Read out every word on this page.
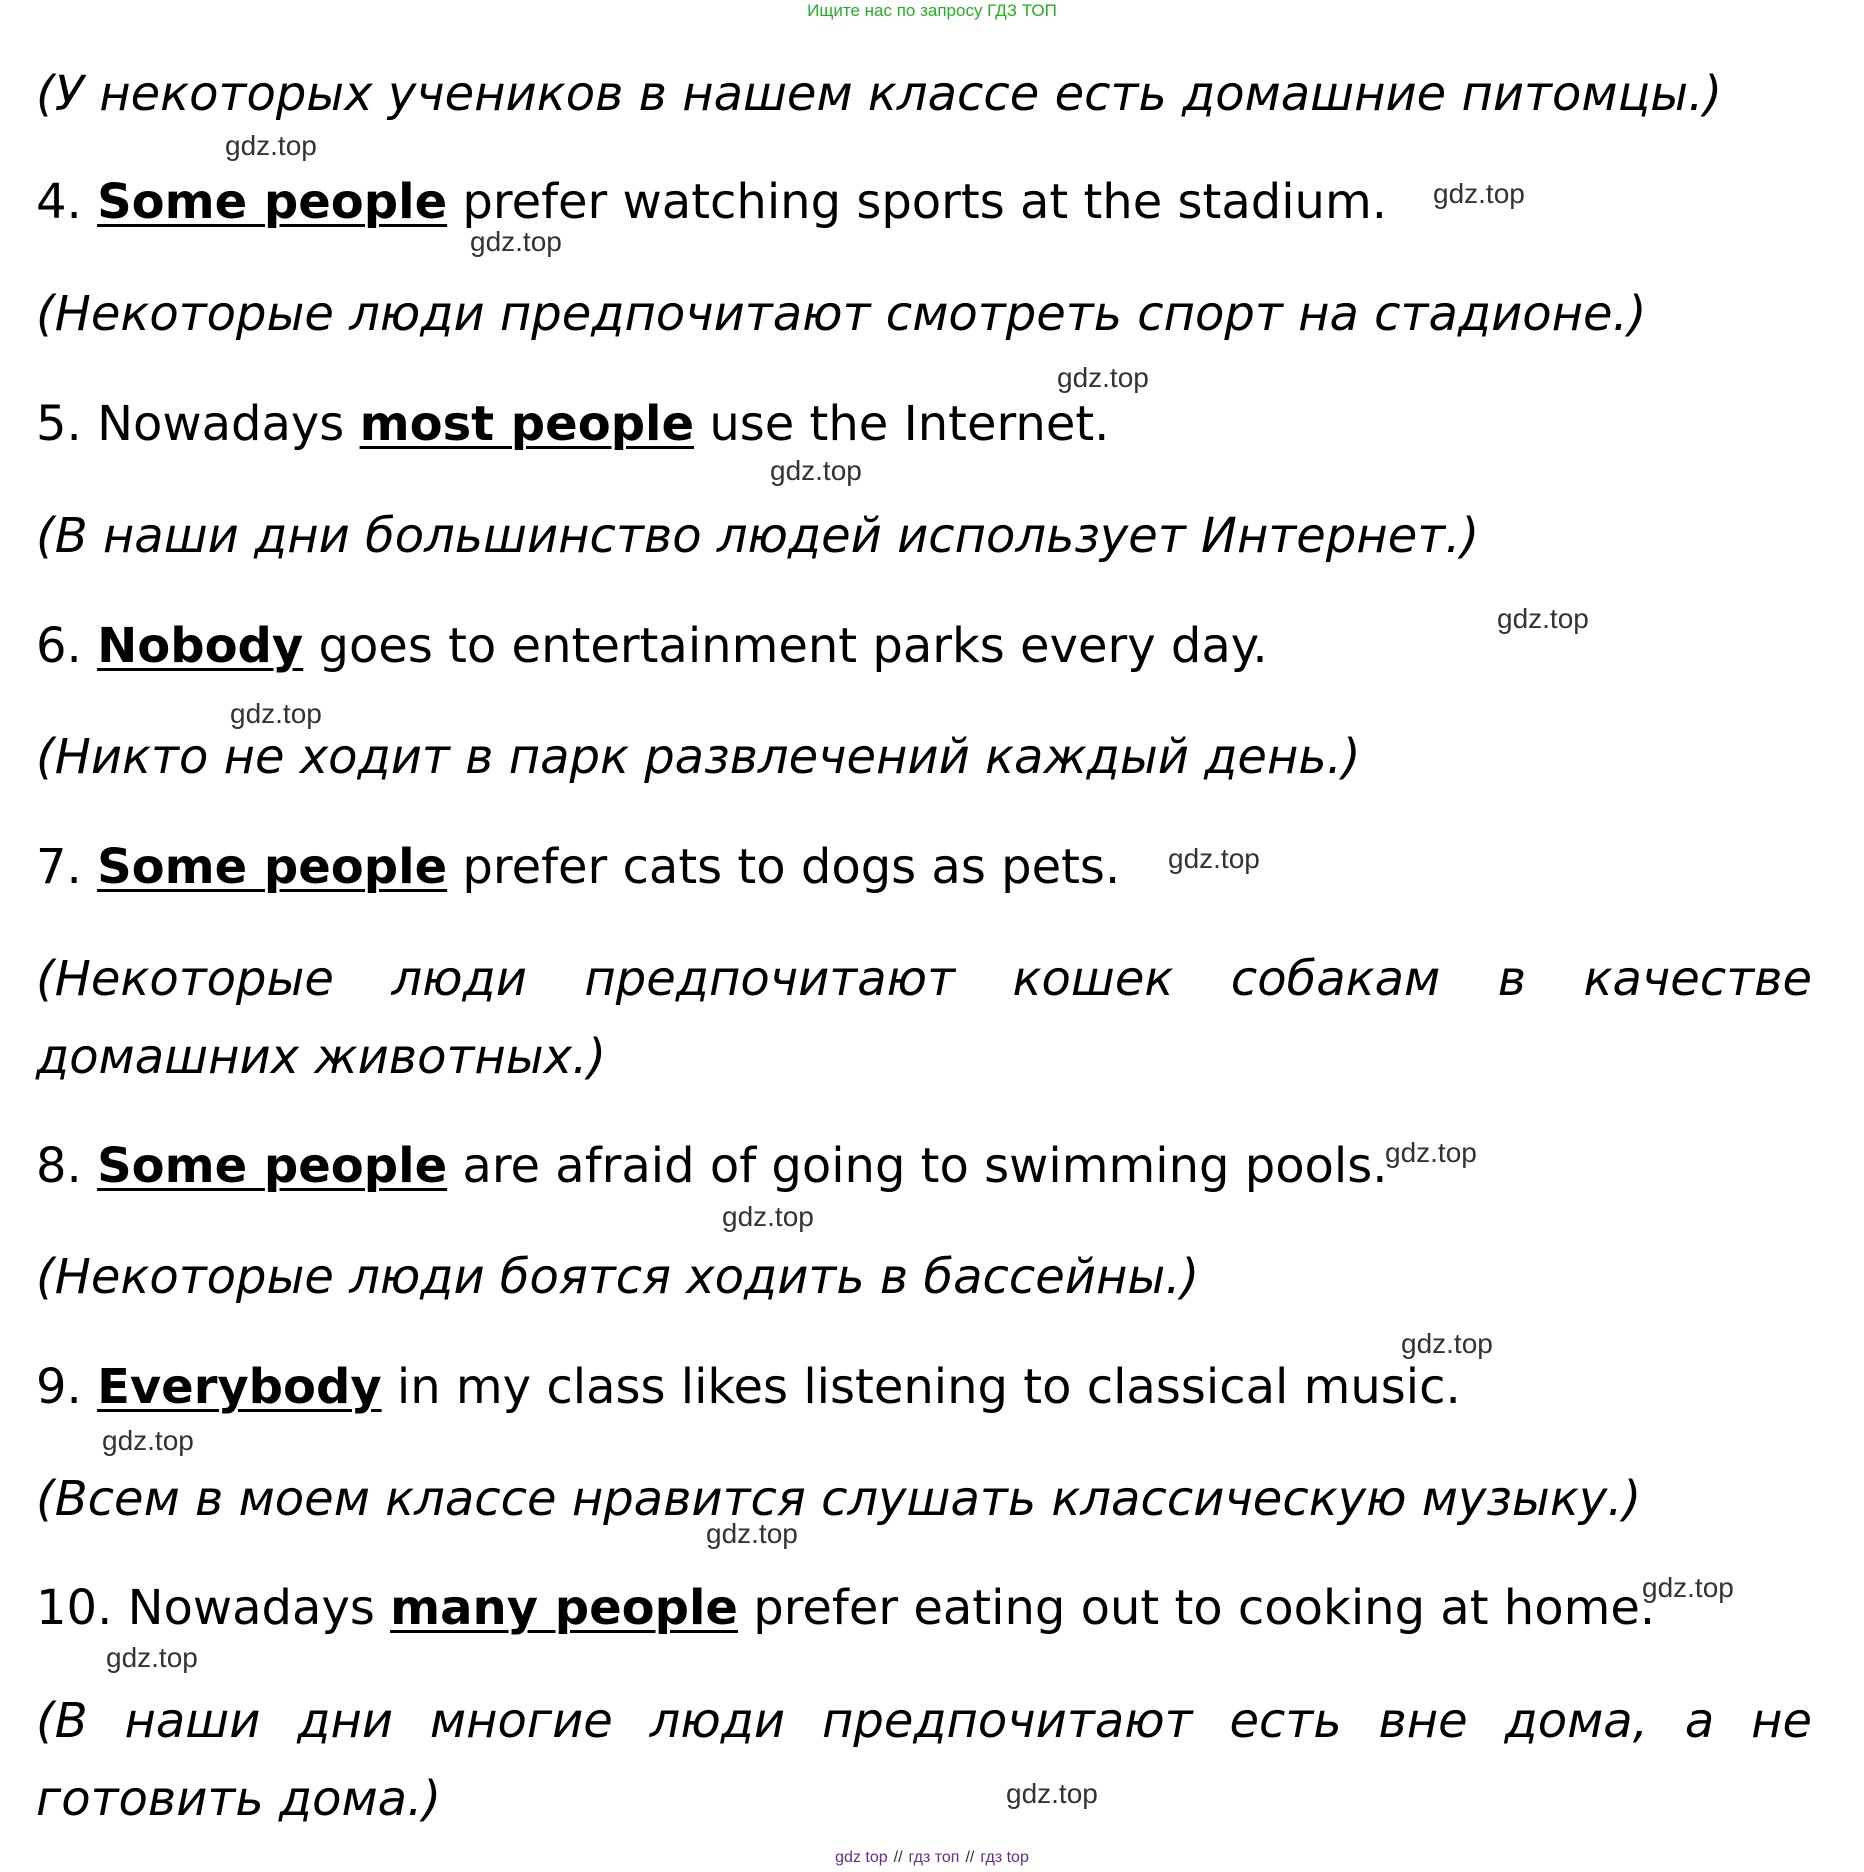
Ищите нас по запросу ГДЗ ТОП
(У некоторых учеников в нашем классе есть домашние питомцы.)
4. Some people prefer watching sports at the stadium.
(Некоторые люди предпочитают смотреть спорт на стадионе.)
5. Nowadays most people use the Internet.
(В наши дни большинство людей использует Интернет.)
6. Nobody goes to entertainment parks every day.
(Никто не ходит в парк развлечений каждый день.)
7. Some people prefer cats to dogs as pets.
(Некоторые люди предпочитают кошек собакам в качестве
домашних животных.)
8. Some people are afraid of going to swimming pools.
(Некоторые люди боятся ходить в бассейны.)
9. Everybody in my class likes listening to classical music.
(Всем в моем классе нравится слушать классическую музыку.)
10. Nowadays many people prefer eating out to cooking at home.
(В наши дни многие люди предпочитают есть вне дома, а не
готовить дома.)
gdz.top
gdz.top
gdz.top
gdz.top
gdz.top
gdz.top
gdz.top
gdz.top
gdz.top
gdz.top
gdz.top
gdz.top
gdz.top
gdz.top
gdz.top
gdz.top
gdz top // гдз топ // гдз top
